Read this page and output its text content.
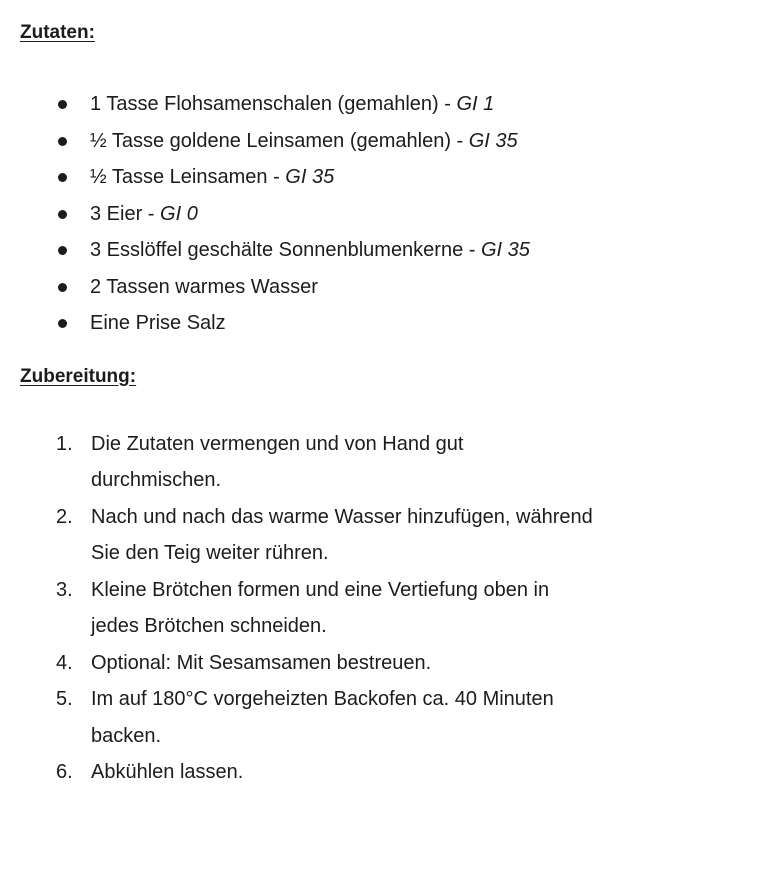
Zutaten:
1 Tasse Flohsamenschalen (gemahlen) - GI 1
½ Tasse goldene Leinsamen (gemahlen) - GI 35
½ Tasse Leinsamen - GI 35
3 Eier - GI 0
3 Esslöffel geschälte Sonnenblumenkerne - GI 35
2 Tassen warmes Wasser
Eine Prise Salz
Zubereitung:
1. Die Zutaten vermengen und von Hand gut
durchmischen.
2. Nach und nach das warme Wasser hinzufügen, während
Sie den Teig weiter rühren.
3. Kleine Brötchen formen und eine Vertiefung oben in
jedes Brötchen schneiden.
4. Optional: Mit Sesamsamen bestreuen.
5. Im auf 180°C vorgeheizten Backofen ca. 40 Minuten
backen.
6. Abkühlen lassen.
